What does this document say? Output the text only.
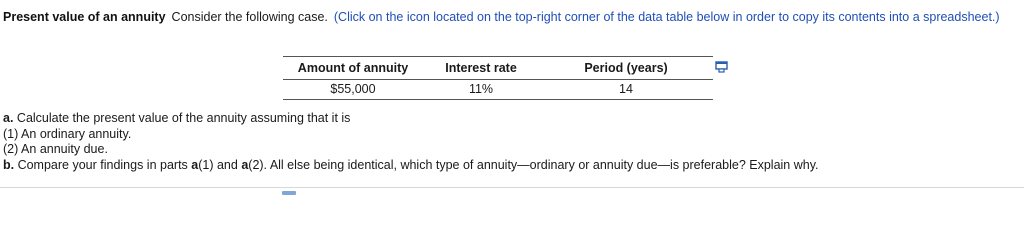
Present value of an annuity Consider the following case. (Click on the icon located on the top-right corner of the data table below in order to copy its contents into a spreadsheet.)
Amount of annuity	Interest rate	Period (years)
$55,000	11%	14
a. Calculate the present value of the annuity assuming that it is
(1) An ordinary annuity.
(2) An annuity due.
b. Compare your findings in parts a(1) and a(2). All else being identical, which type of annuity—ordinary or annuity due—is preferable? Explain why.
